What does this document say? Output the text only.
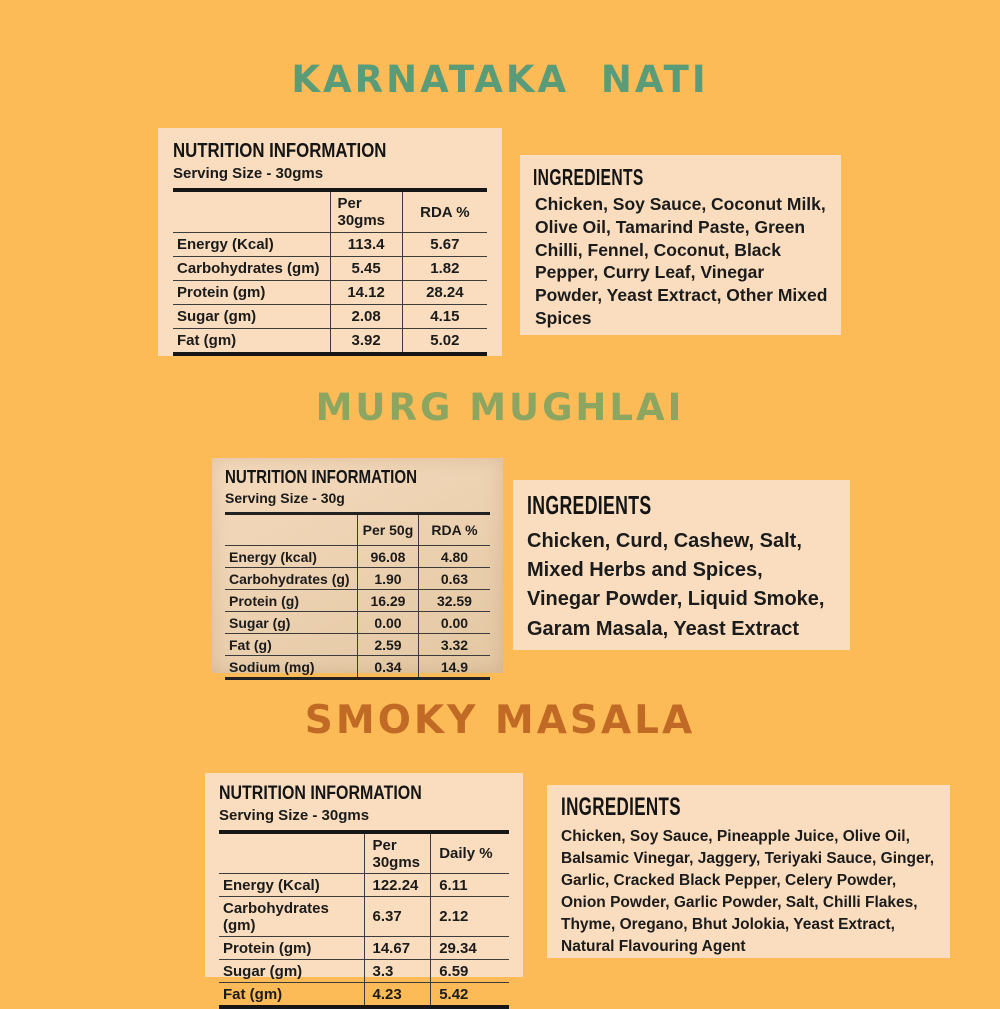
KARNATAKA  NATI
NUTRITION INFORMATION
Serving Size - 30gms
	Per 30gms	RDA %
Energy (Kcal)	113.4	5.67
Carbohydrates (gm)	5.45	1.82
Protein (gm)	14.12	28.24
Sugar (gm)	2.08	4.15
Fat (gm)	3.92	5.02
INGREDIENTS
Chicken, Soy Sauce, Coconut Milk, Olive Oil, Tamarind Paste, Green Chilli, Fennel, Coconut, Black Pepper, Curry Leaf, Vinegar Powder, Yeast Extract, Other Mixed Spices
MURG MUGHLAI
NUTRITION INFORMATION
Serving Size - 30g
	Per 50g	RDA %
Energy (kcal)	96.08	4.80
Carbohydrates (g)	1.90	0.63
Protein (g)	16.29	32.59
Sugar (g)	0.00	0.00
Fat (g)	2.59	3.32
Sodium (mg)	0.34	14.9
INGREDIENTS
Chicken, Curd, Cashew, Salt, Mixed Herbs and Spices, Vinegar Powder, Liquid Smoke, Garam Masala, Yeast Extract
SMOKY MASALA
NUTRITION INFORMATION
Serving Size - 30gms
	Per 30gms	Daily %
Energy (Kcal)	122.24	6.11
Carbohydrates (gm)	6.37	2.12
Protein (gm)	14.67	29.34
Sugar (gm)	3.3	6.59
Fat (gm)	4.23	5.42
INGREDIENTS
Chicken, Soy Sauce, Pineapple Juice, Olive Oil, Balsamic Vinegar, Jaggery, Teriyaki Sauce, Ginger, Garlic, Cracked Black Pepper, Celery Powder, Onion Powder, Garlic Powder, Salt, Chilli Flakes, Thyme, Oregano, Bhut Jolokia, Yeast Extract, Natural Flavouring Agent
